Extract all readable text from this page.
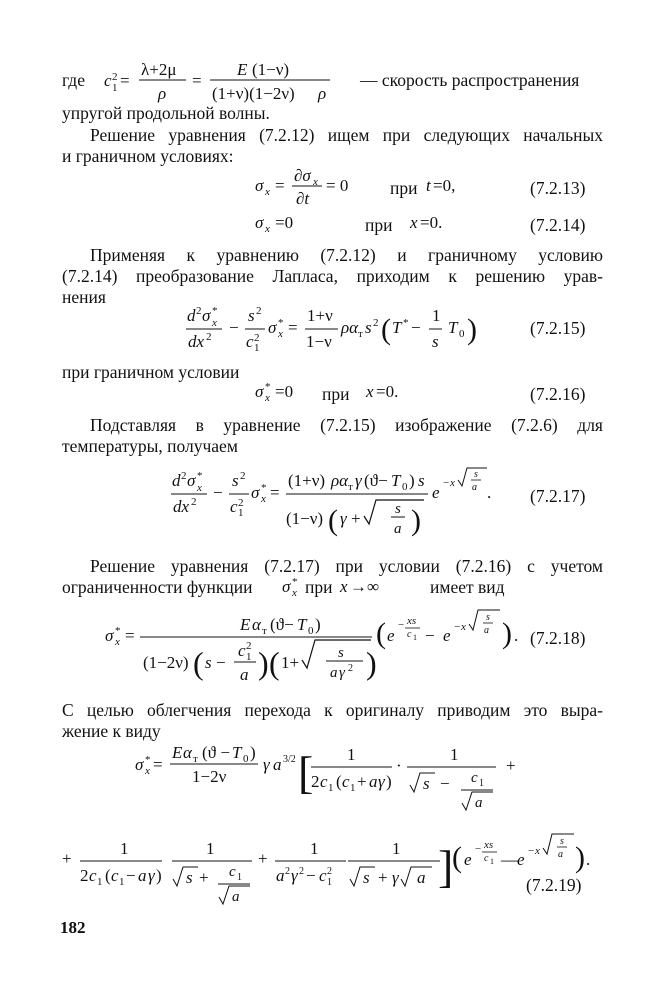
где	— скорость распространения
упругой продольной волны.
Решение уравнения (7.2.12) ищем при следующих начальных
и граничном условиях:
Применяя к уравнению (7.2.12) и граничному условию
(7.2.14) преобразование Лапласа, приходим к решению урав-
нения
при граничном условии
Подставляя в уравнение (7.2.15) изображение (7.2.6) для
температуры, получаем
Решение уравнения (7.2.17) при условии (7.2.16) с учетом
ограниченности функции	при	имеет вид
С целью облегчения перехода к оригиналу приводим это выра-
жение к виду
(7.2.13)
(7.2.14)
(7.2.15)
(7.2.16)
(7.2.17)
(7.2.18)
(7.2.19)
при
при
при
182
c 2
1 =
λ+2μ
ρ
=
E (1−ν)
(1+ν)(1−2ν) ρ
σ x =
∂σ x
∂t
= 0	t =0,
σ x =0	x =0.
d 2 σ *
x
dx 2 −
s 2
c 2
1
σ *
x =
1+ν
1−ν
ρα т s 2 ( T * −
1
s
T 0 )
σ *
x =0	x =0.
d 2 σ *
x
dx 2 −
s 2
c 2
1
σ *
x =
(1+ν) ρα т γ (ϑ− T 0 ) s
(1−ν) ( γ + s
a )
e − x
s
a .
σ *
x	x →∞
σ *
x =
E α т (ϑ− T 0 )
(1−2ν) ( s −
c 2
1
a ) ( 1+	s
a γ 2 )
( e
− xs
c 1 − e − x
s
a ) .
σ *
x =
E α т (ϑ − T 0 )
1−2ν
γ a 3/2 [ 1
2 c 1 ( c 1 + a γ )
·
1
s − c 1
a
+
+
1
2 c 1 ( c 1 − a γ )
1
s + c 1
a
+
1
a 2 γ 2 − c 2
1
1
s + γ a ]
( e
− xs
c 1 — e − x
s
a ) .
